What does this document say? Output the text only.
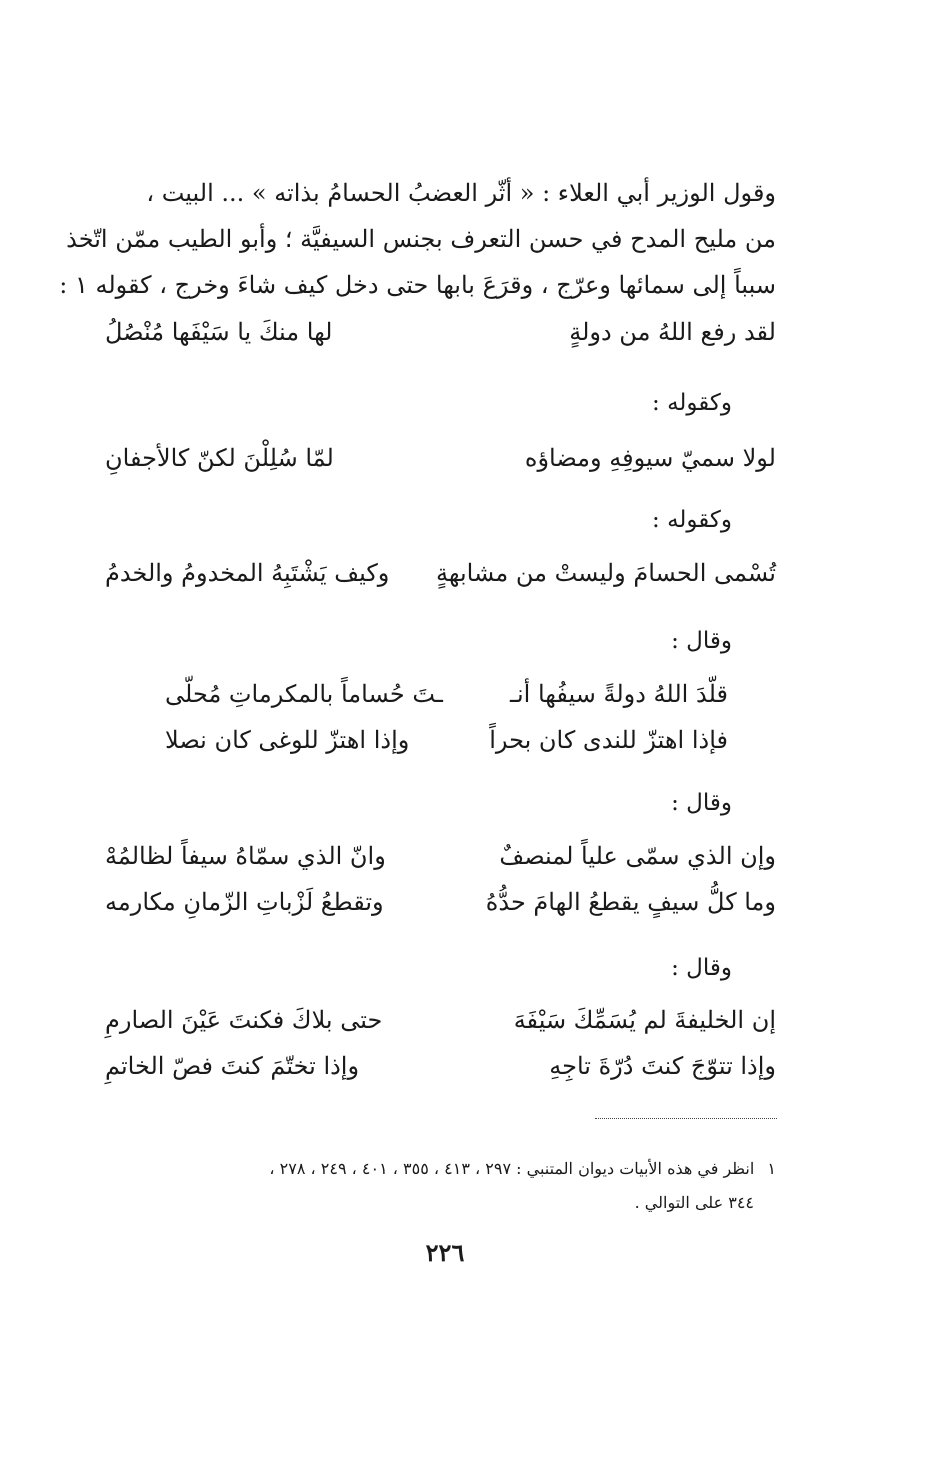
وقول الوزير أبي العلاء : « أثّر العضبُ الحسامُ بذاته » ... البيت ،
من مليح المدح في حسن التعرف بجنس السيفيَّة ؛ وأبو الطيب ممّن اتّخذ
سبباً إلى سمائها وعرّج ، وقرَعَ بابها حتى دخل كيف شاءَ وخرج ، كقوله ١ :
لقد رفع اللهُ من دولةٍ
لها منكَ يا سَيْفَها مُنْصُلُ
وكقوله :
لولا سميّ سيوفِهِ ومضاؤه
لمّا سُلِلْنَ لكنّ كالأجفانِ
وكقوله :
تُسْمى الحسامَ وليستْ من مشابهةٍ
وكيف يَشْتَبِهُ المخدومُ والخدمُ
وقال :
قلّدَ اللهُ دولةً سيفُها أنـ
ـتَ حُساماً بالمكرماتِ مُحلّى
فإذا اهتزّ للندى كان بحراً
وإذا اهتزّ للوغى كان نصلا
وقال :
وإن الذي سمّى علياً لمنصفٌ
وانّ الذي سمّاهُ سيفاً لظالمُهْ
وما كلُّ سيفٍ يقطعُ الهامَ حدُّهُ
وتقطعُ لَزْباتِ الزّمانِ مكارمه
وقال :
إن الخليفةَ لم يُسَمِّكَ سَيْفَهَ
حتى بلاكَ فكنتَ عَيْنَ الصارمِ
وإذا تتوّجَ كنتَ دُرّةَ تاجِهِ
وإذا تختّمَ كنتَ فصّ الخاتمِ
١ انظر في هذه الأبيات ديوان المتنبي : ٢٩٧ ، ٤١٣ ، ٣٥٥ ، ٤٠١ ، ٢٤٩ ، ٢٧٨ ،
٣٤٤ على التوالي .
٢٢٦
